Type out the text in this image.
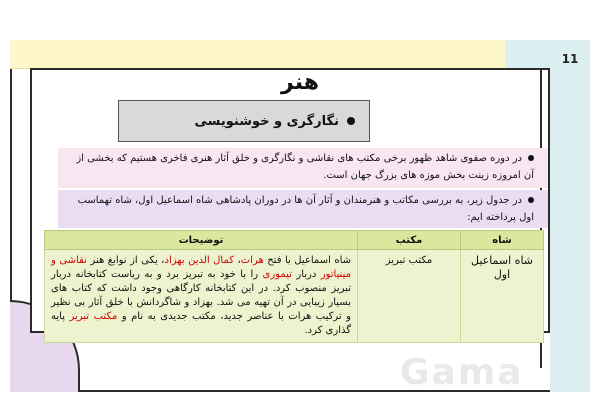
11
هنر
نگارگری و خوشنویسی
در دوره صفوی شاهد ظهور برخی مکتب های نقاشی و نگارگری و خلق آثار هنری فاخری هستیم که بخشی از آن امروزه زینت بخش موزه های بزرگ جهان است.
در جدول زیر، به بررسی مکاتب و هنرمندان و آثار آن ها در دوران پادشاهی شاه اسماعیل اول، شاه تهماسب اول پرداخته ایم:
شاه	مکتب	توضیحات
شاه اسماعیل اول	مکتب تبریز	شاه اسماعیل با فتح هرات، کمال الدین بهزاد، یکی از نوابغ هنر نقاشی و مینیاتور دربار تیموری را با خود به تبریز برد و به ریاست کتابخانه دربار تبریز منصوب کرد. در این کتابخانه کارگاهی وجود داشت که کتاب های بسیار زیبایی در آن تهیه می شد. بهزاد و شاگردانش با خلق آثار بی نظیر و ترکیب هرات با عناصر جدید، مکتب جدیدی به نام و مکتب تبریز پایه گذاری کرد.
Gama
